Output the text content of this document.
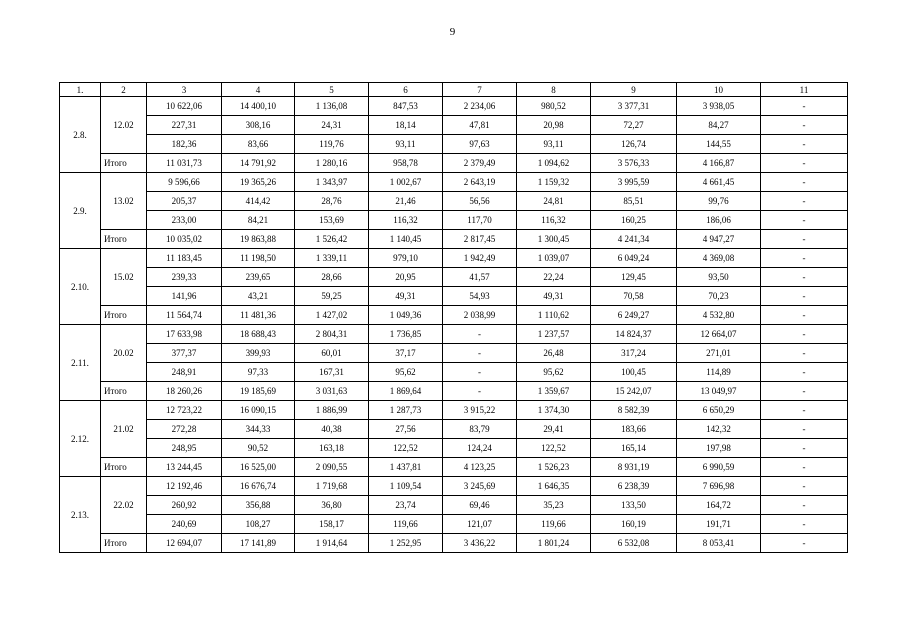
9
1.	2	3	4	5	6	7	8	9	10	11
2.8.	12.02	10 622,06	14 400,10	1 136,08	847,53	2 234,06	980,52	3 377,31	3 938,05	-
		227,31	308,16	24,31	18,14	47,81	20,98	72,27	84,27	-
		182,36	83,66	119,76	93,11	97,63	93,11	126,74	144,55	-
	Итого	11 031,73	14 791,92	1 280,16	958,78	2 379,49	1 094,62	3 576,33	4 166,87	-
2.9.	13.02	9 596,66	19 365,26	1 343,97	1 002,67	2 643,19	1 159,32	3 995,59	4 661,45	-
		205,37	414,42	28,76	21,46	56,56	24,81	85,51	99,76	-
		233,00	84,21	153,69	116,32	117,70	116,32	160,25	186,06	-
	Итого	10 035,02	19 863,88	1 526,42	1 140,45	2 817,45	1 300,45	4 241,34	4 947,27	-
2.10.	15.02	11 183,45	11 198,50	1 339,11	979,10	1 942,49	1 039,07	6 049,24	4 369,08	-
		239,33	239,65	28,66	20,95	41,57	22,24	129,45	93,50	-
		141,96	43,21	59,25	49,31	54,93	49,31	70,58	70,23	-
	Итого	11 564,74	11 481,36	1 427,02	1 049,36	2 038,99	1 110,62	6 249,27	4 532,80	-
2.11.	20.02	17 633,98	18 688,43	2 804,31	1 736,85	-	1 237,57	14 824,37	12 664,07	-
		377,37	399,93	60,01	37,17	-	26,48	317,24	271,01	-
		248,91	97,33	167,31	95,62	-	95,62	100,45	114,89	-
	Итого	18 260,26	19 185,69	3 031,63	1 869,64	-	1 359,67	15 242,07	13 049,97	-
2.12.	21.02	12 723,22	16 090,15	1 886,99	1 287,73	3 915,22	1 374,30	8 582,39	6 650,29	-
		272,28	344,33	40,38	27,56	83,79	29,41	183,66	142,32	-
		248,95	90,52	163,18	122,52	124,24	122,52	165,14	197,98	-
	Итого	13 244,45	16 525,00	2 090,55	1 437,81	4 123,25	1 526,23	8 931,19	6 990,59	-
2.13.	22.02	12 192,46	16 676,74	1 719,68	1 109,54	3 245,69	1 646,35	6 238,39	7 696,98	-
		260,92	356,88	36,80	23,74	69,46	35,23	133,50	164,72	-
		240,69	108,27	158,17	119,66	121,07	119,66	160,19	191,71	-
	Итого	12 694,07	17 141,89	1 914,64	1 252,95	3 436,22	1 801,24	6 532,08	8 053,41	-
